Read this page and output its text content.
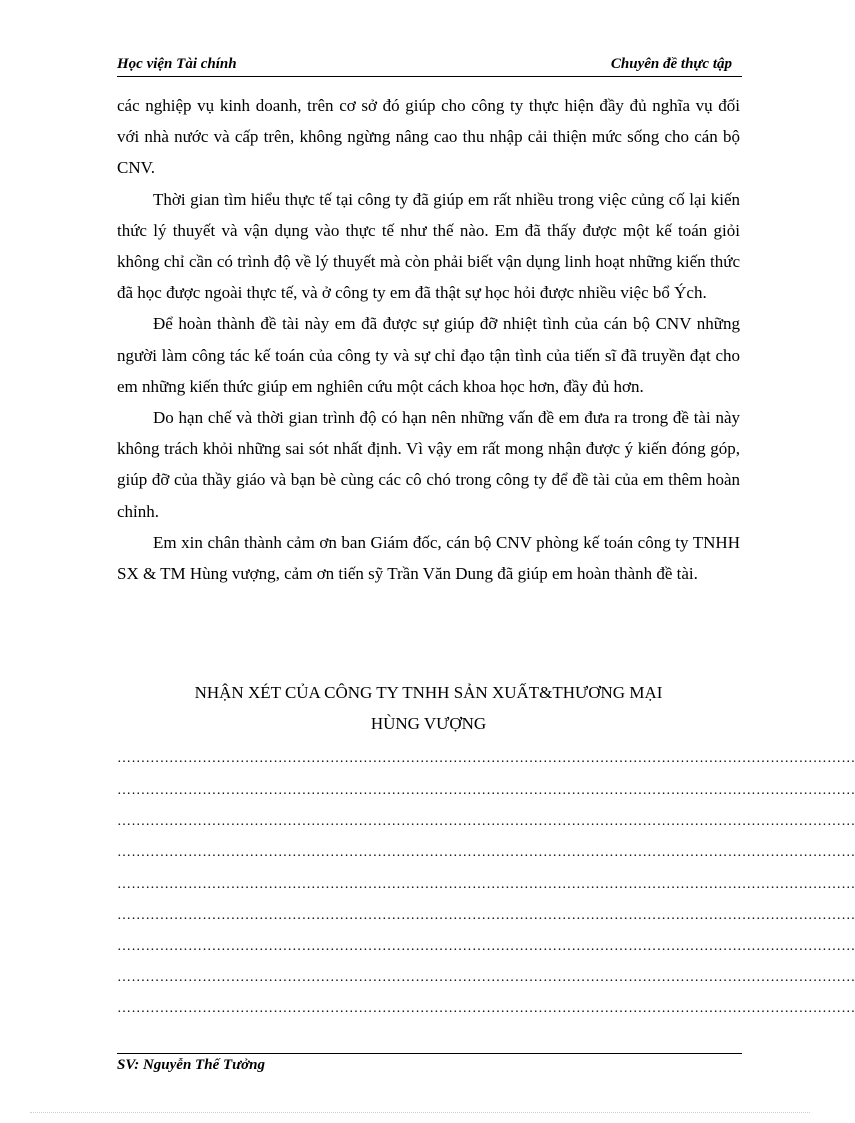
Học viện Tài chính	Chuyên đề thực tập

các nghiệp vụ kinh doanh, trên cơ sở đó giúp cho công ty thực hiện đầy đủ nghĩa vụ đối với nhà nước và cấp trên, không ngừng nâng cao thu nhập cải thiện mức sống cho cán bộ CNV.

Thời gian tìm hiểu thực tế tại công ty đã giúp em rất nhiều trong việc củng cố lại kiến thức lý thuyết và vận dụng vào thực tế như thế nào. Em đã thấy được một kế toán giỏi không chỉ cần có trình độ về lý thuyết mà còn phải biết vận dụng linh hoạt những kiến thức đã học được ngoài thực tế, và ở công ty em đã thật sự học hỏi được nhiều việc bổ Ých.

Để hoàn thành đề tài này em đã được sự giúp đỡ nhiệt tình của cán bộ CNV những người làm công tác kế toán của công ty và sự chỉ đạo tận tình của tiến sĩ đã truyền đạt cho em những kiến thức giúp em nghiên cứu một cách khoa học hơn, đầy đủ hơn.

Do hạn chế và thời gian trình độ có hạn nên những vấn đề em đưa ra trong đề tài này không trách khỏi những sai sót nhất định. Vì vậy em rất mong nhận được ý kiến đóng góp, giúp đỡ của thầy giáo và bạn bè cùng các cô chó trong công ty để đề tài của em thêm hoàn chỉnh.

Em xin chân thành cảm ơn ban Giám đốc, cán bộ CNV phòng kế toán công ty TNHH SX & TM Hùng vượng, cảm ơn tiến sỹ Trần Văn Dung đã giúp em hoàn thành đề tài.

NHẬN XÉT CỦA CÔNG TY TNHH SẢN XUẤT&THƯƠNG MẠI
HÙNG VƯỢNG
…………………………………………………………………………………………………………………………………………
…………………………………………………………………………………………………………………………………………
…………………………………………………………………………………………………………………………………………
…………………………………………………………………………………………………………………………………………
…………………………………………………………………………………………………………………………………………
…………………………………………………………………………………………………………………………………………
…………………………………………………………………………………………………………………………………………
…………………………………………………………………………………………………………………………………………
…………………………………………………………………………………………………………………………………………
SV: Nguyễn Thế Tưởng
